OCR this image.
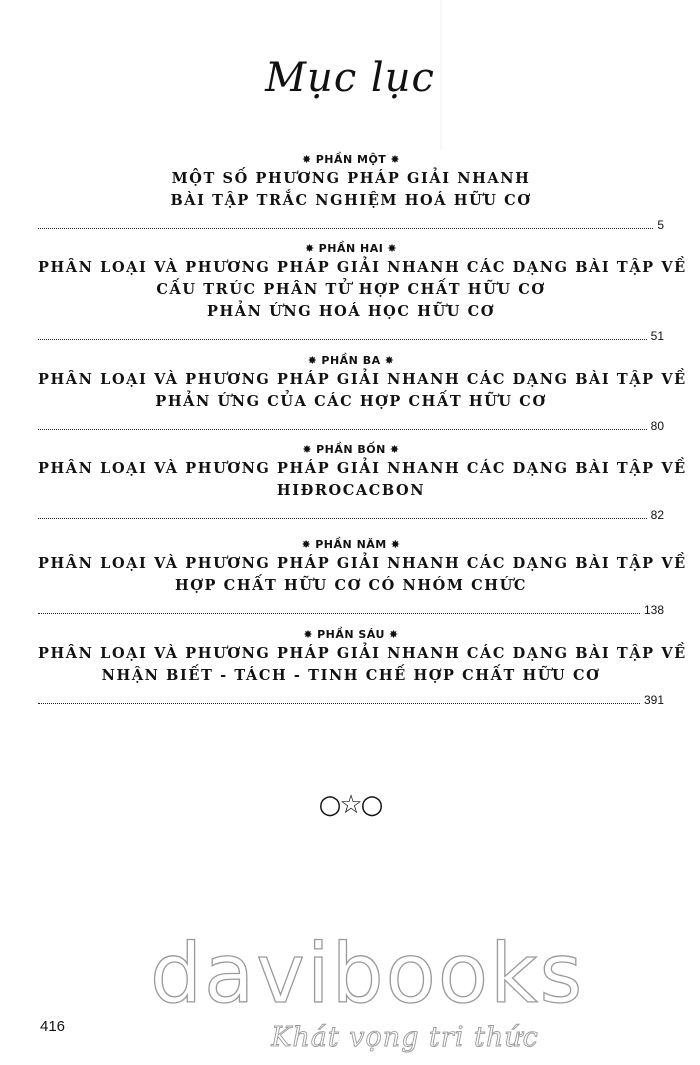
Mục lục
✸ PHẦN MỘT ✸
MỘT SỐ PHƯƠNG PHÁP GIẢI NHANH
BÀI TẬP TRẮC NGHIỆM HOÁ HỮU CƠ
5
✸ PHẦN HAI ✸
PHÂN LOẠI VÀ PHƯƠNG PHÁP GIẢI NHANH CÁC DẠNG BÀI TẬP VỀ
CẤU TRÚC PHÂN TỬ HỢP CHẤT HỮU CƠ
PHẢN ỨNG HOÁ HỌC HỮU CƠ
51
✸ PHẦN BA ✸
PHÂN LOẠI VÀ PHƯƠNG PHÁP GIẢI NHANH CÁC DẠNG BÀI TẬP VỀ
PHẢN ỨNG CỦA CÁC HỢP CHẤT HỮU CƠ
80
✸ PHẦN BỐN ✸
PHÂN LOẠI VÀ PHƯƠNG PHÁP GIẢI NHANH CÁC DẠNG BÀI TẬP VỀ
HIĐROCACBON
82
✸ PHẦN NĂM ✸
PHÂN LOẠI VÀ PHƯƠNG PHÁP GIẢI NHANH CÁC DẠNG BÀI TẬP VỀ
HỢP CHẤT HỮU CƠ CÓ NHÓM CHỨC
138
✸ PHẦN SÁU ✸
PHÂN LOẠI VÀ PHƯƠNG PHÁP GIẢI NHANH CÁC DẠNG BÀI TẬP VỀ
NHẬN BIẾT - TÁCH - TINH CHẾ HỢP CHẤT HỮU CƠ
391
○☆○
davibooks
Khát vọng tri thức
416
